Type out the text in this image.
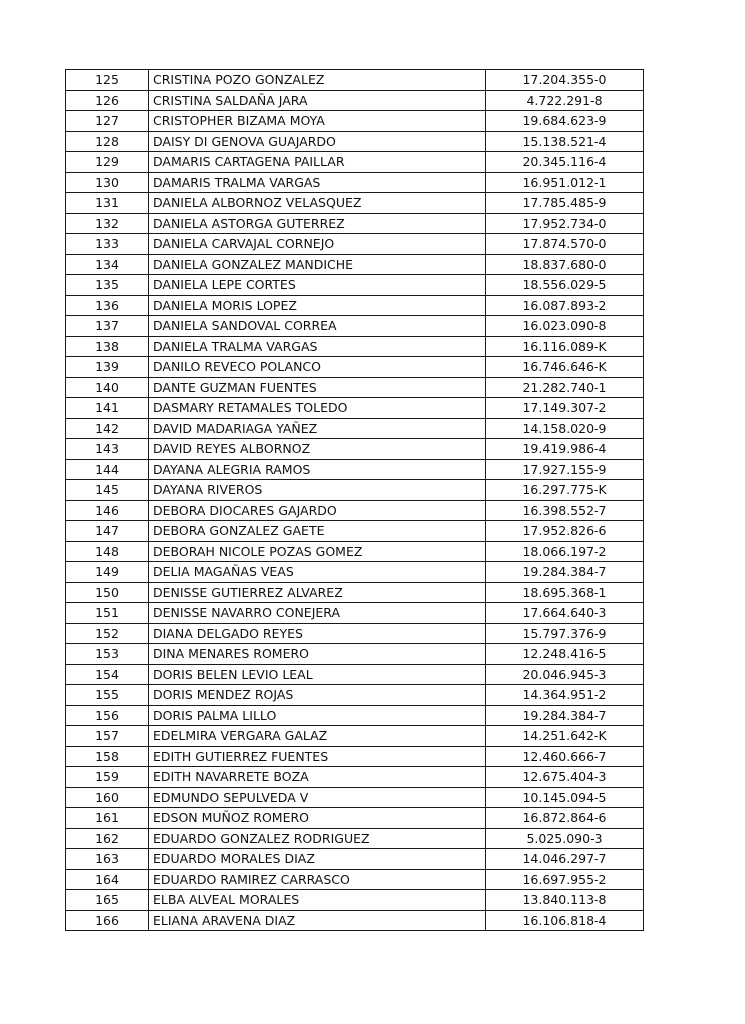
125	CRISTINA POZO GONZALEZ	17.204.355-0
126	CRISTINA SALDAÑA JARA	4.722.291-8
127	CRISTOPHER BIZAMA MOYA	19.684.623-9
128	DAISY DI GENOVA GUAJARDO	15.138.521-4
129	DAMARIS CARTAGENA PAILLAR	20.345.116-4
130	DAMARIS TRALMA VARGAS	16.951.012-1
131	DANIELA ALBORNOZ VELASQUEZ	17.785.485-9
132	DANIELA ASTORGA GUTERREZ	17.952.734-0
133	DANIELA CARVAJAL CORNEJO	17.874.570-0
134	DANIELA GONZALEZ MANDICHE	18.837.680-0
135	DANIELA LEPE CORTES	18.556.029-5
136	DANIELA MORIS LOPEZ	16.087.893-2
137	DANIELA SANDOVAL CORREA	16.023.090-8
138	DANIELA TRALMA VARGAS	16.116.089-K
139	DANILO REVECO POLANCO	16.746.646-K
140	DANTE GUZMAN FUENTES	21.282.740-1
141	DASMARY RETAMALES TOLEDO	17.149.307-2
142	DAVID MADARIAGA YAÑEZ	14.158.020-9
143	DAVID REYES ALBORNOZ	19.419.986-4
144	DAYANA ALEGRIA RAMOS	17.927.155-9
145	DAYANA RIVEROS	16.297.775-K
146	DEBORA DIOCARES GAJARDO	16.398.552-7
147	DEBORA GONZALEZ GAETE	17.952.826-6
148	DEBORAH NICOLE POZAS GOMEZ	18.066.197-2
149	DELIA MAGAÑAS VEAS	19.284.384-7
150	DENISSE GUTIERREZ ALVAREZ	18.695.368-1
151	DENISSE NAVARRO CONEJERA	17.664.640-3
152	DIANA DELGADO REYES	15.797.376-9
153	DINA MENARES ROMERO	12.248.416-5
154	DORIS BELEN LEVIO LEAL	20.046.945-3
155	DORIS MENDEZ ROJAS	14.364.951-2
156	DORIS PALMA LILLO	19.284.384-7
157	EDELMIRA VERGARA GALAZ	14.251.642-K
158	EDITH GUTIERREZ FUENTES	12.460.666-7
159	EDITH NAVARRETE BOZA	12.675.404-3
160	EDMUNDO SEPULVEDA V	10.145.094-5
161	EDSON MUÑOZ ROMERO	16.872.864-6
162	EDUARDO GONZALEZ RODRIGUEZ	5.025.090-3
163	EDUARDO MORALES DIAZ	14.046.297-7
164	EDUARDO RAMIREZ CARRASCO	16.697.955-2
165	ELBA ALVEAL MORALES	13.840.113-8
166	ELIANA ARAVENA DIAZ	16.106.818-4
